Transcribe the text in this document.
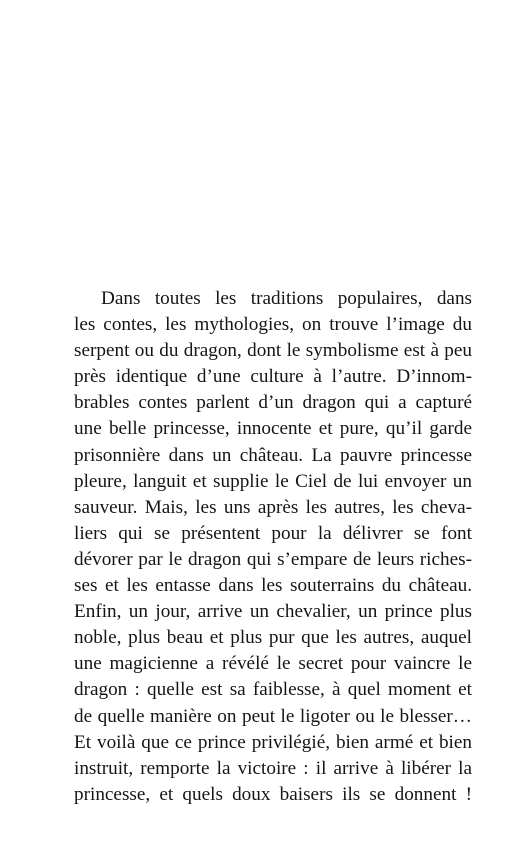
Dans toutes les traditions populaires, dans
les contes, les mythologies, on trouve l’image du
serpent ou du dragon, dont le symbolisme est à peu
près identique d’une culture à l’autre. D’innom-
brables contes parlent d’un dragon qui a capturé
une belle princesse, innocente et pure, qu’il garde
prisonnière dans un château. La pauvre princesse
pleure, languit et supplie le Ciel de lui envoyer un
sauveur. Mais, les uns après les autres, les cheva-
liers qui se présentent pour la délivrer se font
dévorer par le dragon qui s’empare de leurs riches-
ses et les entasse dans les souterrains du château.
Enfin, un jour, arrive un chevalier, un prince plus
noble, plus beau et plus pur que les autres, auquel
une magicienne a révélé le secret pour vaincre le
dragon : quelle est sa faiblesse, à quel moment et
de quelle manière on peut le ligoter ou le blesser…
Et voilà que ce prince privilégié, bien armé et bien
instruit, remporte la victoire : il arrive à libérer la
princesse, et quels doux baisers ils se donnent !
